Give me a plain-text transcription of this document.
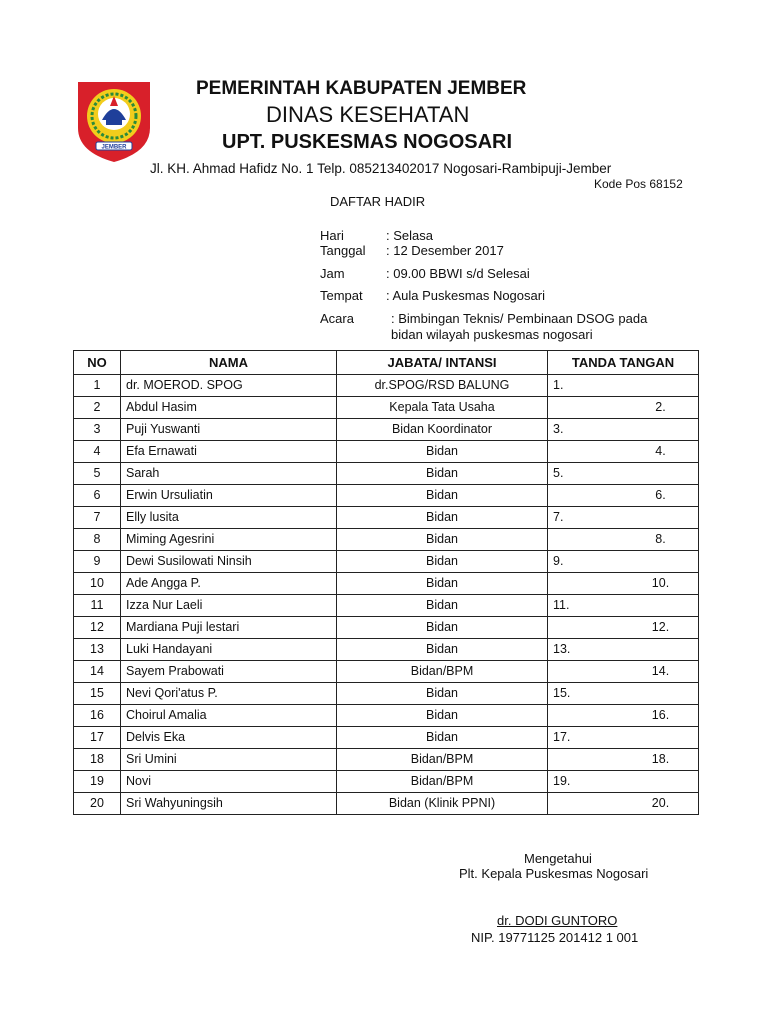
JEMBER
PEMERINTAH KABUPATEN JEMBER
DINAS KESEHATAN
UPT. PUSKESMAS NOGOSARI
Jl. KH. Ahmad Hafidz No. 1 Telp. 085213402017 Nogosari-Rambipuji-Jember
Kode Pos 68152
DAFTAR HADIR
Hari	: Selasa
Tanggal : 12 Desember 2017
Jam	: 09.00 BBWI s/d Selesai
Tempat : Aula Puskesmas Nogosari
Acara	: Bimbingan Teknis/ Pembinaan DSOG pada
bidan wilayah puskesmas nogosari
NO	NAMA	JABATA/ INTANSI	TANDA TANGAN
1	dr. MOEROD. SPOG	dr.SPOG/RSD BALUNG	1.
2	Abdul Hasim	Kepala Tata Usaha	2.
3	Puji Yuswanti	Bidan Koordinator	3.
4	Efa Ernawati	Bidan	4.
5	Sarah	Bidan	5.
6	Erwin Ursuliatin	Bidan	6.
7	Elly lusita	Bidan	7.
8	Miming Agesrini	Bidan	8.
9	Dewi Susilowati Ninsih	Bidan	9.
10	Ade Angga P.	Bidan	10.
11	Izza Nur Laeli	Bidan	11.
12	Mardiana Puji lestari	Bidan	12.
13	Luki Handayani	Bidan	13.
14	Sayem Prabowati	Bidan/BPM	14.
15	Nevi Qori'atus P.	Bidan	15.
16	Choirul Amalia	Bidan	16.
17	Delvis Eka	Bidan	17.
18	Sri Umini	Bidan/BPM	18.
19	Novi	Bidan/BPM	19.
20	Sri Wahyuningsih	Bidan (Klinik PPNI)	20.
Mengetahui
Plt. Kepala Puskesmas Nogosari
dr. DODI GUNTORO
NIP. 19771125 201412 1 001
